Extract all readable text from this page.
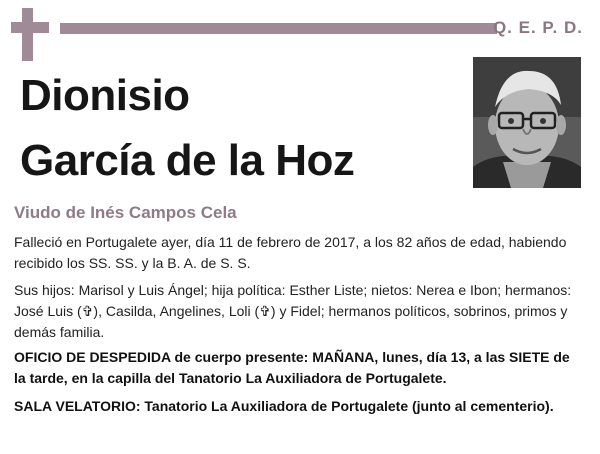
Q. E. P. D.
Dionisio
García de la Hoz
Viudo de Inés Campos Cela

Falleció en Portugalete ayer, día 11 de febrero de 2017, a los 82 años de edad, habiendo recibido los SS. SS. y la B. A. de S. S.

Sus hijos: Marisol y Luis Ángel; hija política: Esther Liste; nietos: Nerea e Ibon; hermanos: José Luis (✞), Casilda, Angelines, Loli (✞) y Fidel; hermanos políticos, sobrinos, primos y demás familia.

OFICIO DE DESPEDIDA de cuerpo presente: MAÑANA, lunes, día 13, a las SIETE de la tarde, en la capilla del Tanatorio La Auxiliadora de Portugalete.

SALA VELATORIO: Tanatorio La Auxiliadora de Portugalete (junto al cementerio).
